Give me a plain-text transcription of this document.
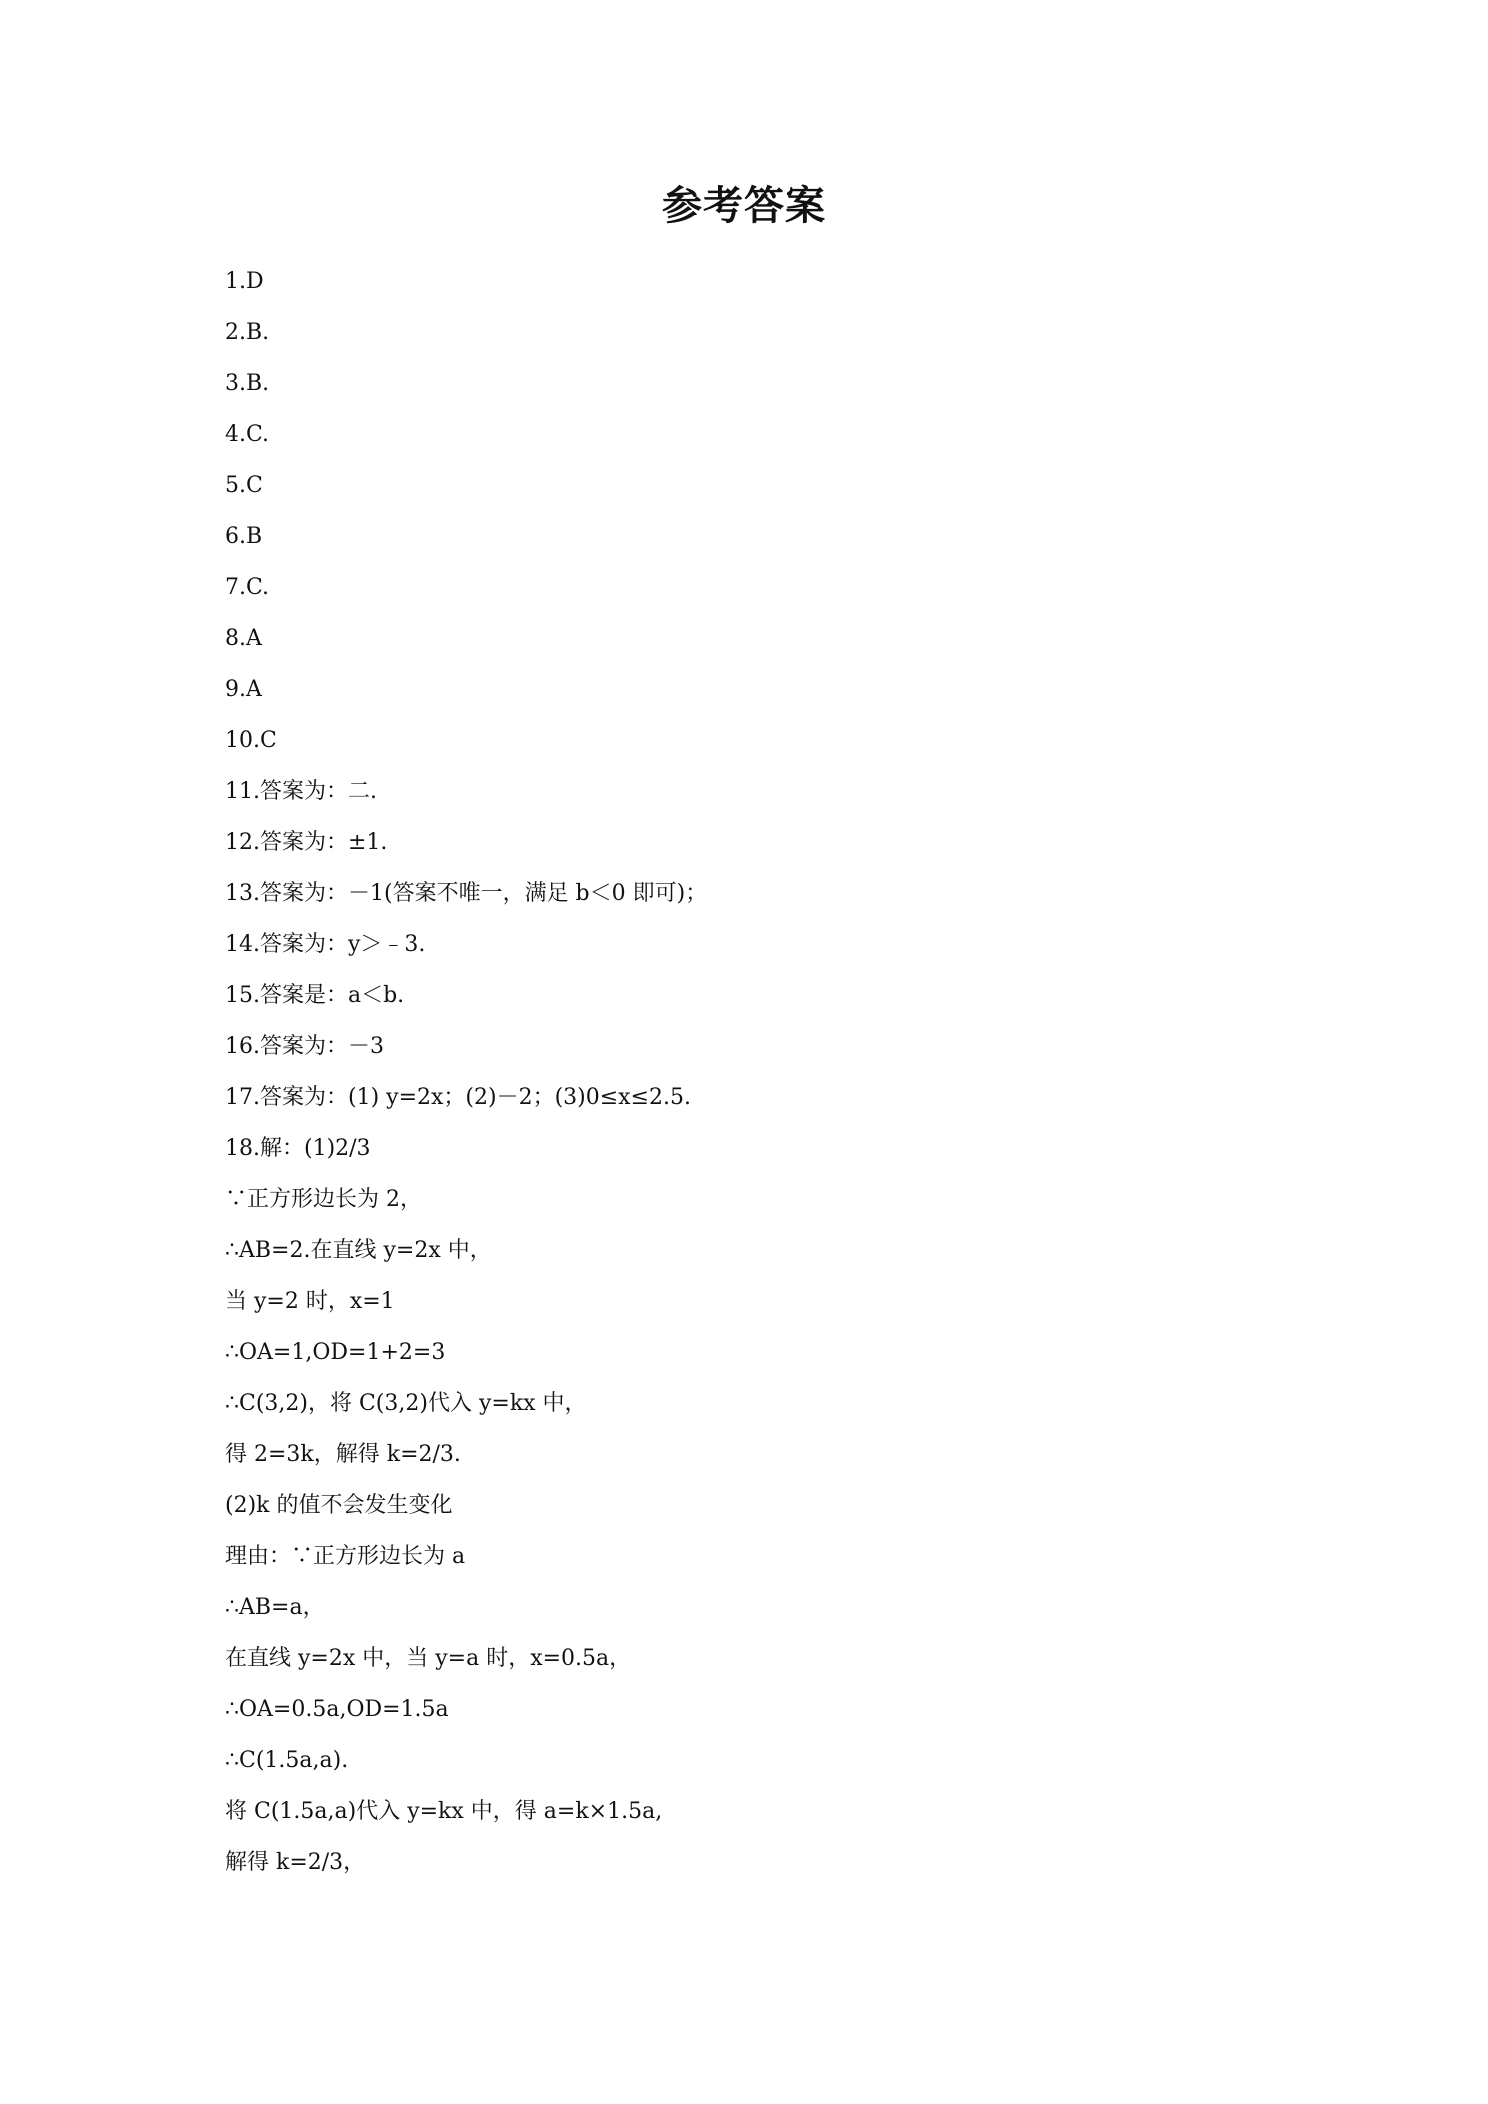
参考答案
1.D
2.B.
3.B.
4.C.
5.C
6.B
7.C.
8.A
9.A
10.C
11.答案为：二.
12.答案为：±1.
13.答案为：－1(答案不唯一，满足 b＜0 即可)；
14.答案为：y＞﹣3.
15.答案是：a＜b.
16.答案为：－3
17.答案为：(1) y=2x；(2)－2；(3)0≤x≤2.5.
18.解：(1)2/3
∵正方形边长为 2，
∴AB=2.在直线 y=2x 中，
当 y=2 时，x=1
∴OA=1,OD=1+2=3
∴C(3,2)，将 C(3,2)代入 y=kx 中，
得 2=3k，解得 k=2/3.
(2)k 的值不会发生变化
理由：∵正方形边长为 a
∴AB=a，
在直线 y=2x 中，当 y=a 时，x=0.5a，
∴OA=0.5a,OD=1.5a
∴C(1.5a,a).
将 C(1.5a,a)代入 y=kx 中，得 a=k×1.5a,
解得 k=2/3，
